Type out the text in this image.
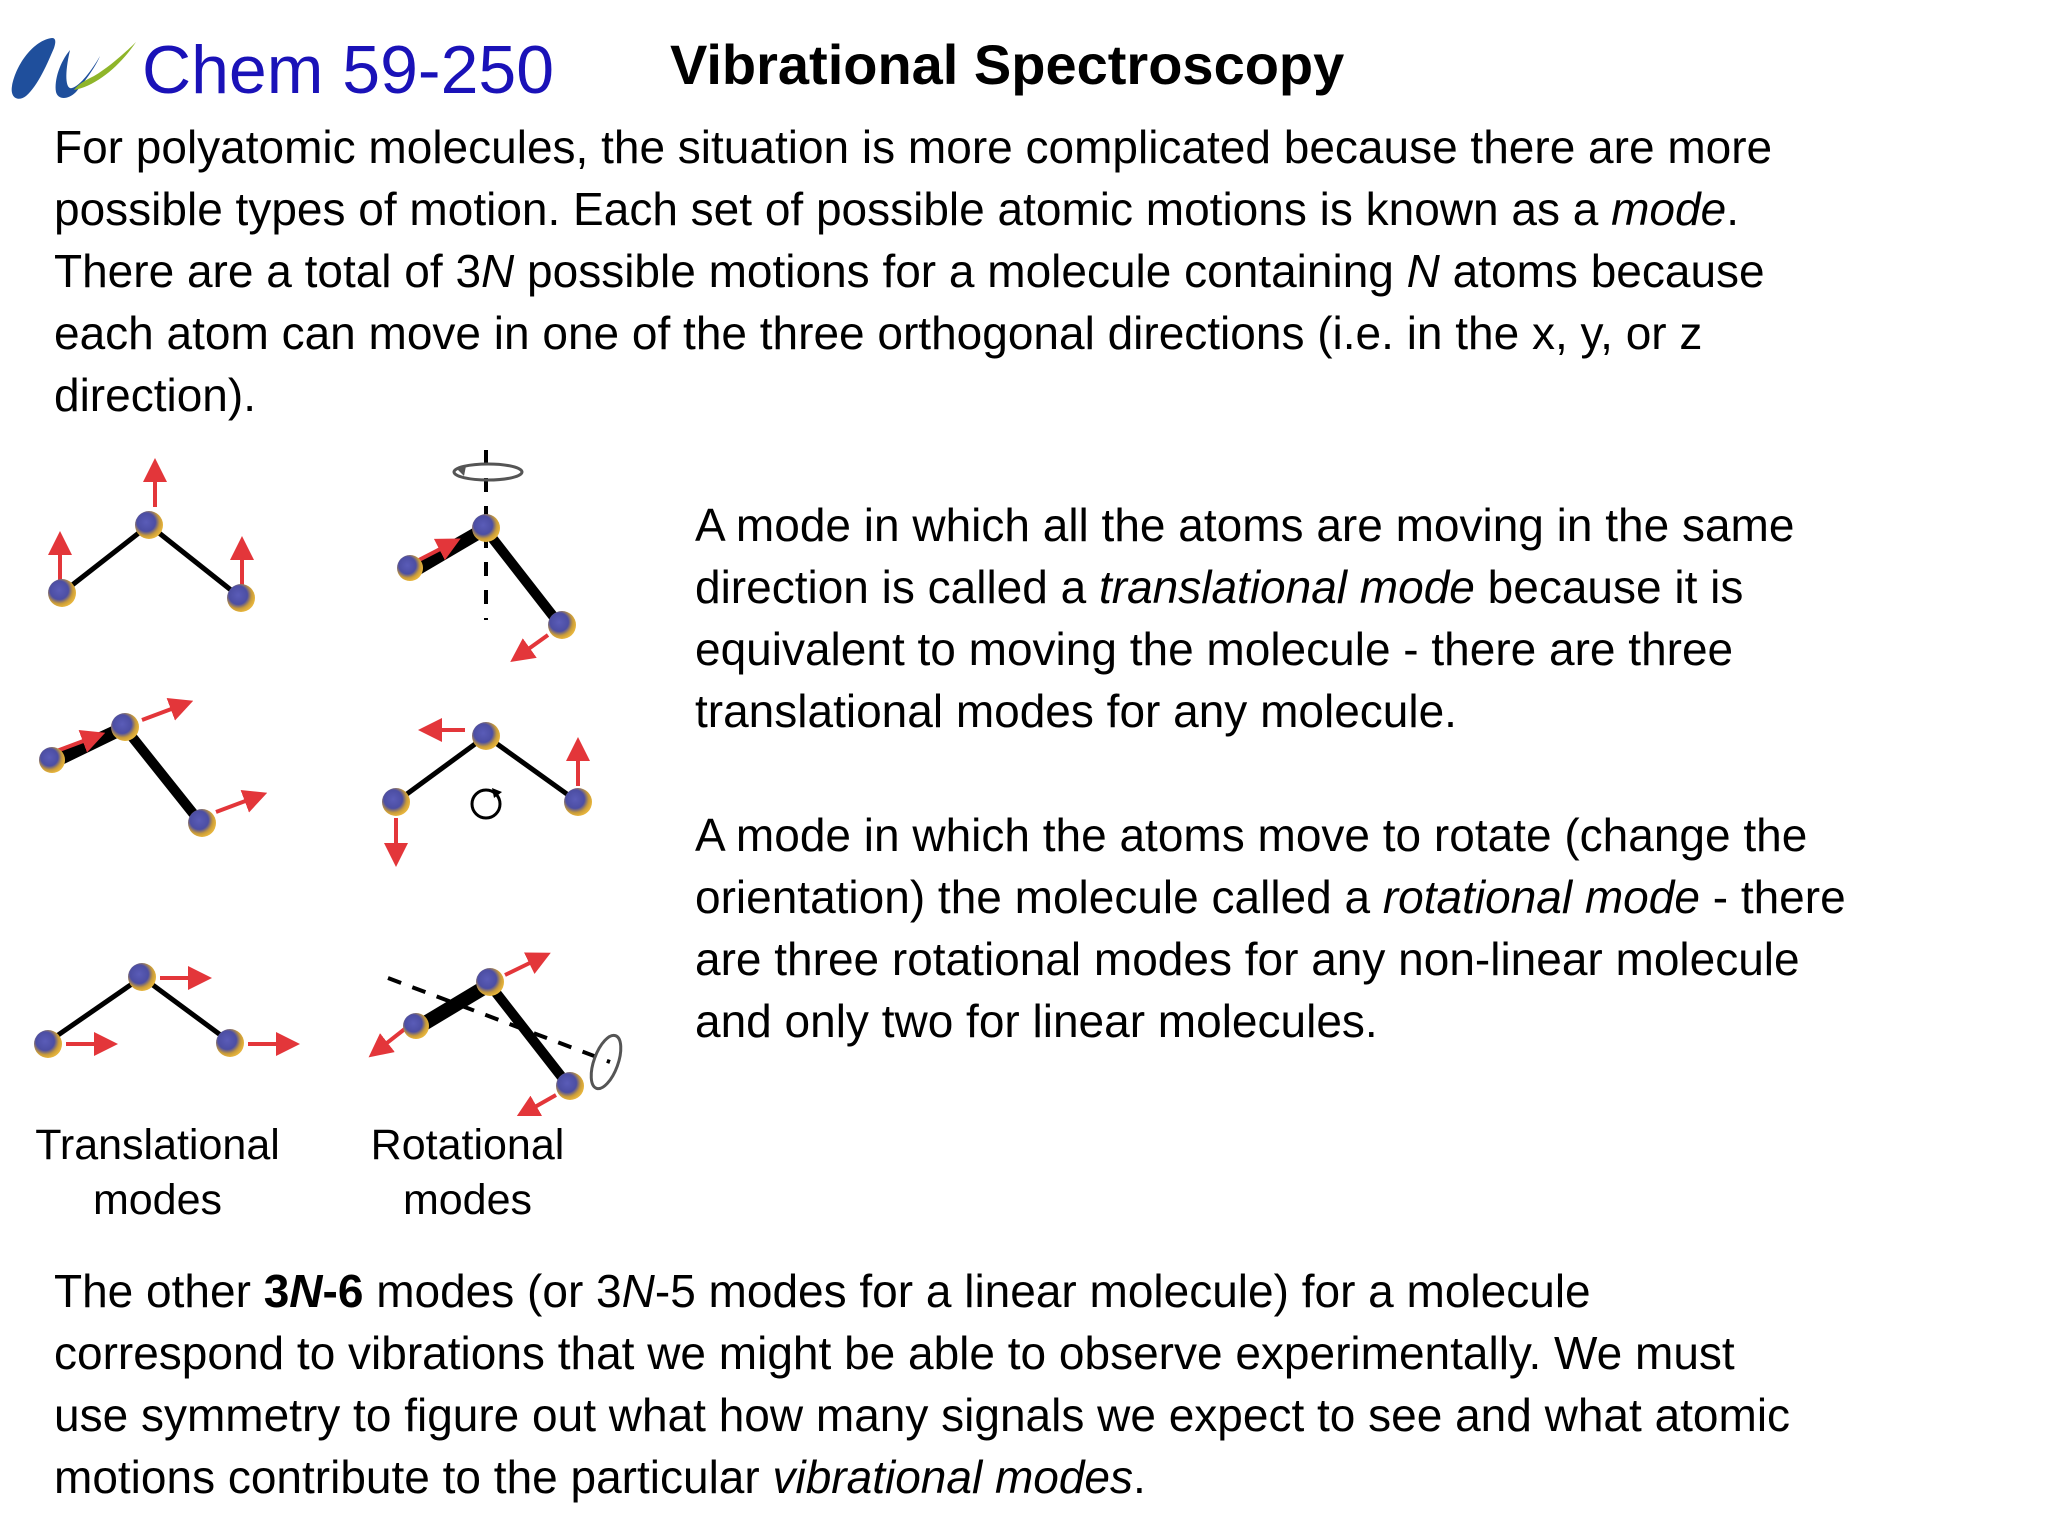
Chem 59-250 Vibrational Spectroscopy
For polyatomic molecules, the situation is more complicated because there are more
possible types of motion. Each set of possible atomic motions is known as a mode.
There are a total of 3N possible motions for a molecule containing N atoms because
each atom can move in one of the three orthogonal directions (i.e. in the x, y, or z
direction).
Translational
modes
Rotational
modes
A mode in which all the atoms are moving in the same
direction is called a translational mode because it is
equivalent to moving the molecule - there are three
translational modes for any molecule.
A mode in which the atoms move to rotate (change the
orientation) the molecule called a rotational mode - there
are three rotational modes for any non-linear molecule
and only two for linear molecules.
The other 3N-6 modes (or 3N-5 modes for a linear molecule) for a molecule
correspond to vibrations that we might be able to observe experimentally. We must
use symmetry to figure out what how many signals we expect to see and what atomic
motions contribute to the particular vibrational modes.
